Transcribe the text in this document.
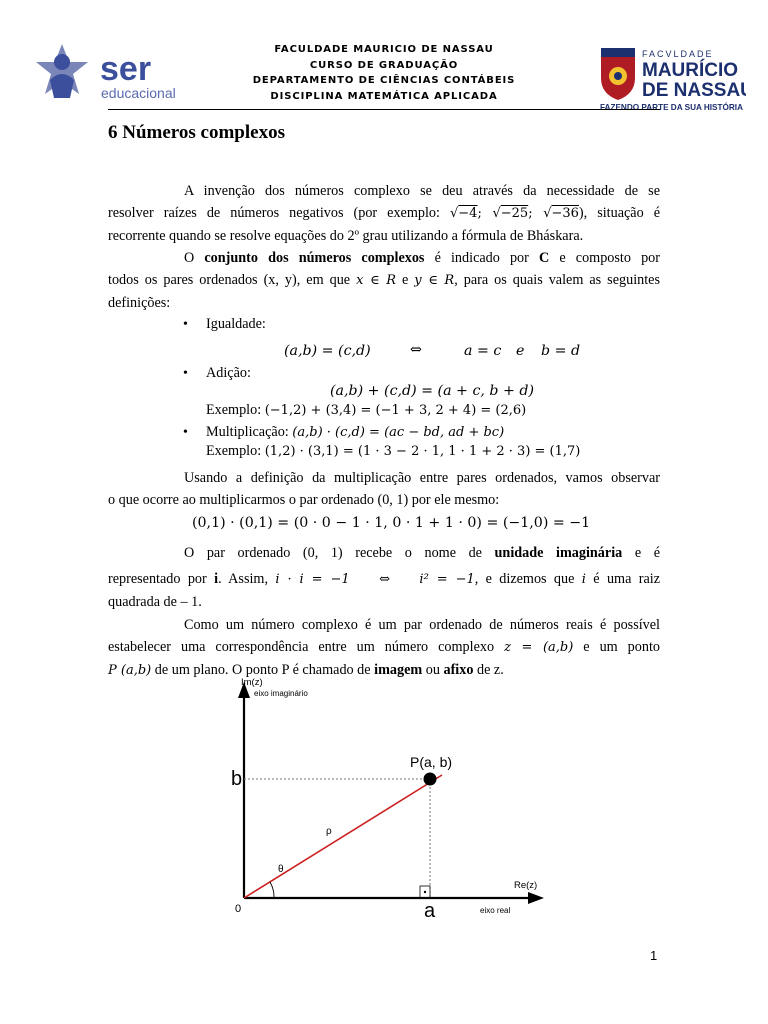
ser
educacional
FACULDADE MAURICIO DE NASSAU
CURSO DE GRADUAÇÃO
DEPARTAMENTO DE CIÊNCIAS CONTÁBEIS
DISCIPLINA MATEMÁTICA APLICADA
FACVLDADE
MAURÍCIO
DE NASSAU
FAZENDO PARTE DA SUA HISTÓRIA
6 Números complexos
A invenção dos números complexo se deu através da necessidade de se
resolver raízes de números negativos (por exemplo: √−4; √−25; √−36), situação é
recorrente quando se resolve equações do 2º grau utilizando a fórmula de Bháskara.
O conjunto dos números complexos é indicado por C e composto por
todos os pares ordenados (x, y), em que x ∈ R e y ∈ R, para os quais valem as seguintes
definições:
• Igualdade:
(a,b) = (c,d)	⇔	a = c e b = d
• Adição:
(a,b) + (c,d) = (a + c, b + d)
Exemplo: (−1,2) + (3,4) = (−1 + 3, 2 + 4) = (2,6)
• Multiplicação: (a,b) · (c,d) = (ac − bd, ad + bc)
Exemplo: (1,2) · (3,1) = (1 · 3 − 2 · 1, 1 · 1 + 2 · 3) = (1,7)
Usando a definição da multiplicação entre pares ordenados, vamos observar
o que ocorre ao multiplicarmos o par ordenado (0, 1) por ele mesmo:
(0,1) · (0,1) = (0 · 0 − 1 · 1, 0 · 1 + 1 · 0) = (−1,0) = −1
O par ordenado (0, 1) recebe o nome de unidade imaginária e é
representado por i. Assim, i · i = −1 ⇔ i² = −1, e dizemos que i é uma raiz
quadrada de – 1.
Como um número complexo é um par ordenado de números reais é possível
estabelecer uma correspondência entre um número complexo z = (a,b) e um ponto
P (a,b) de um plano. O ponto P é chamado de imagem ou afixo de z.
Im(z)
eixo imaginário
Re(z)
eixo real
P(a, b)
b
a
0
ρ
θ
1
